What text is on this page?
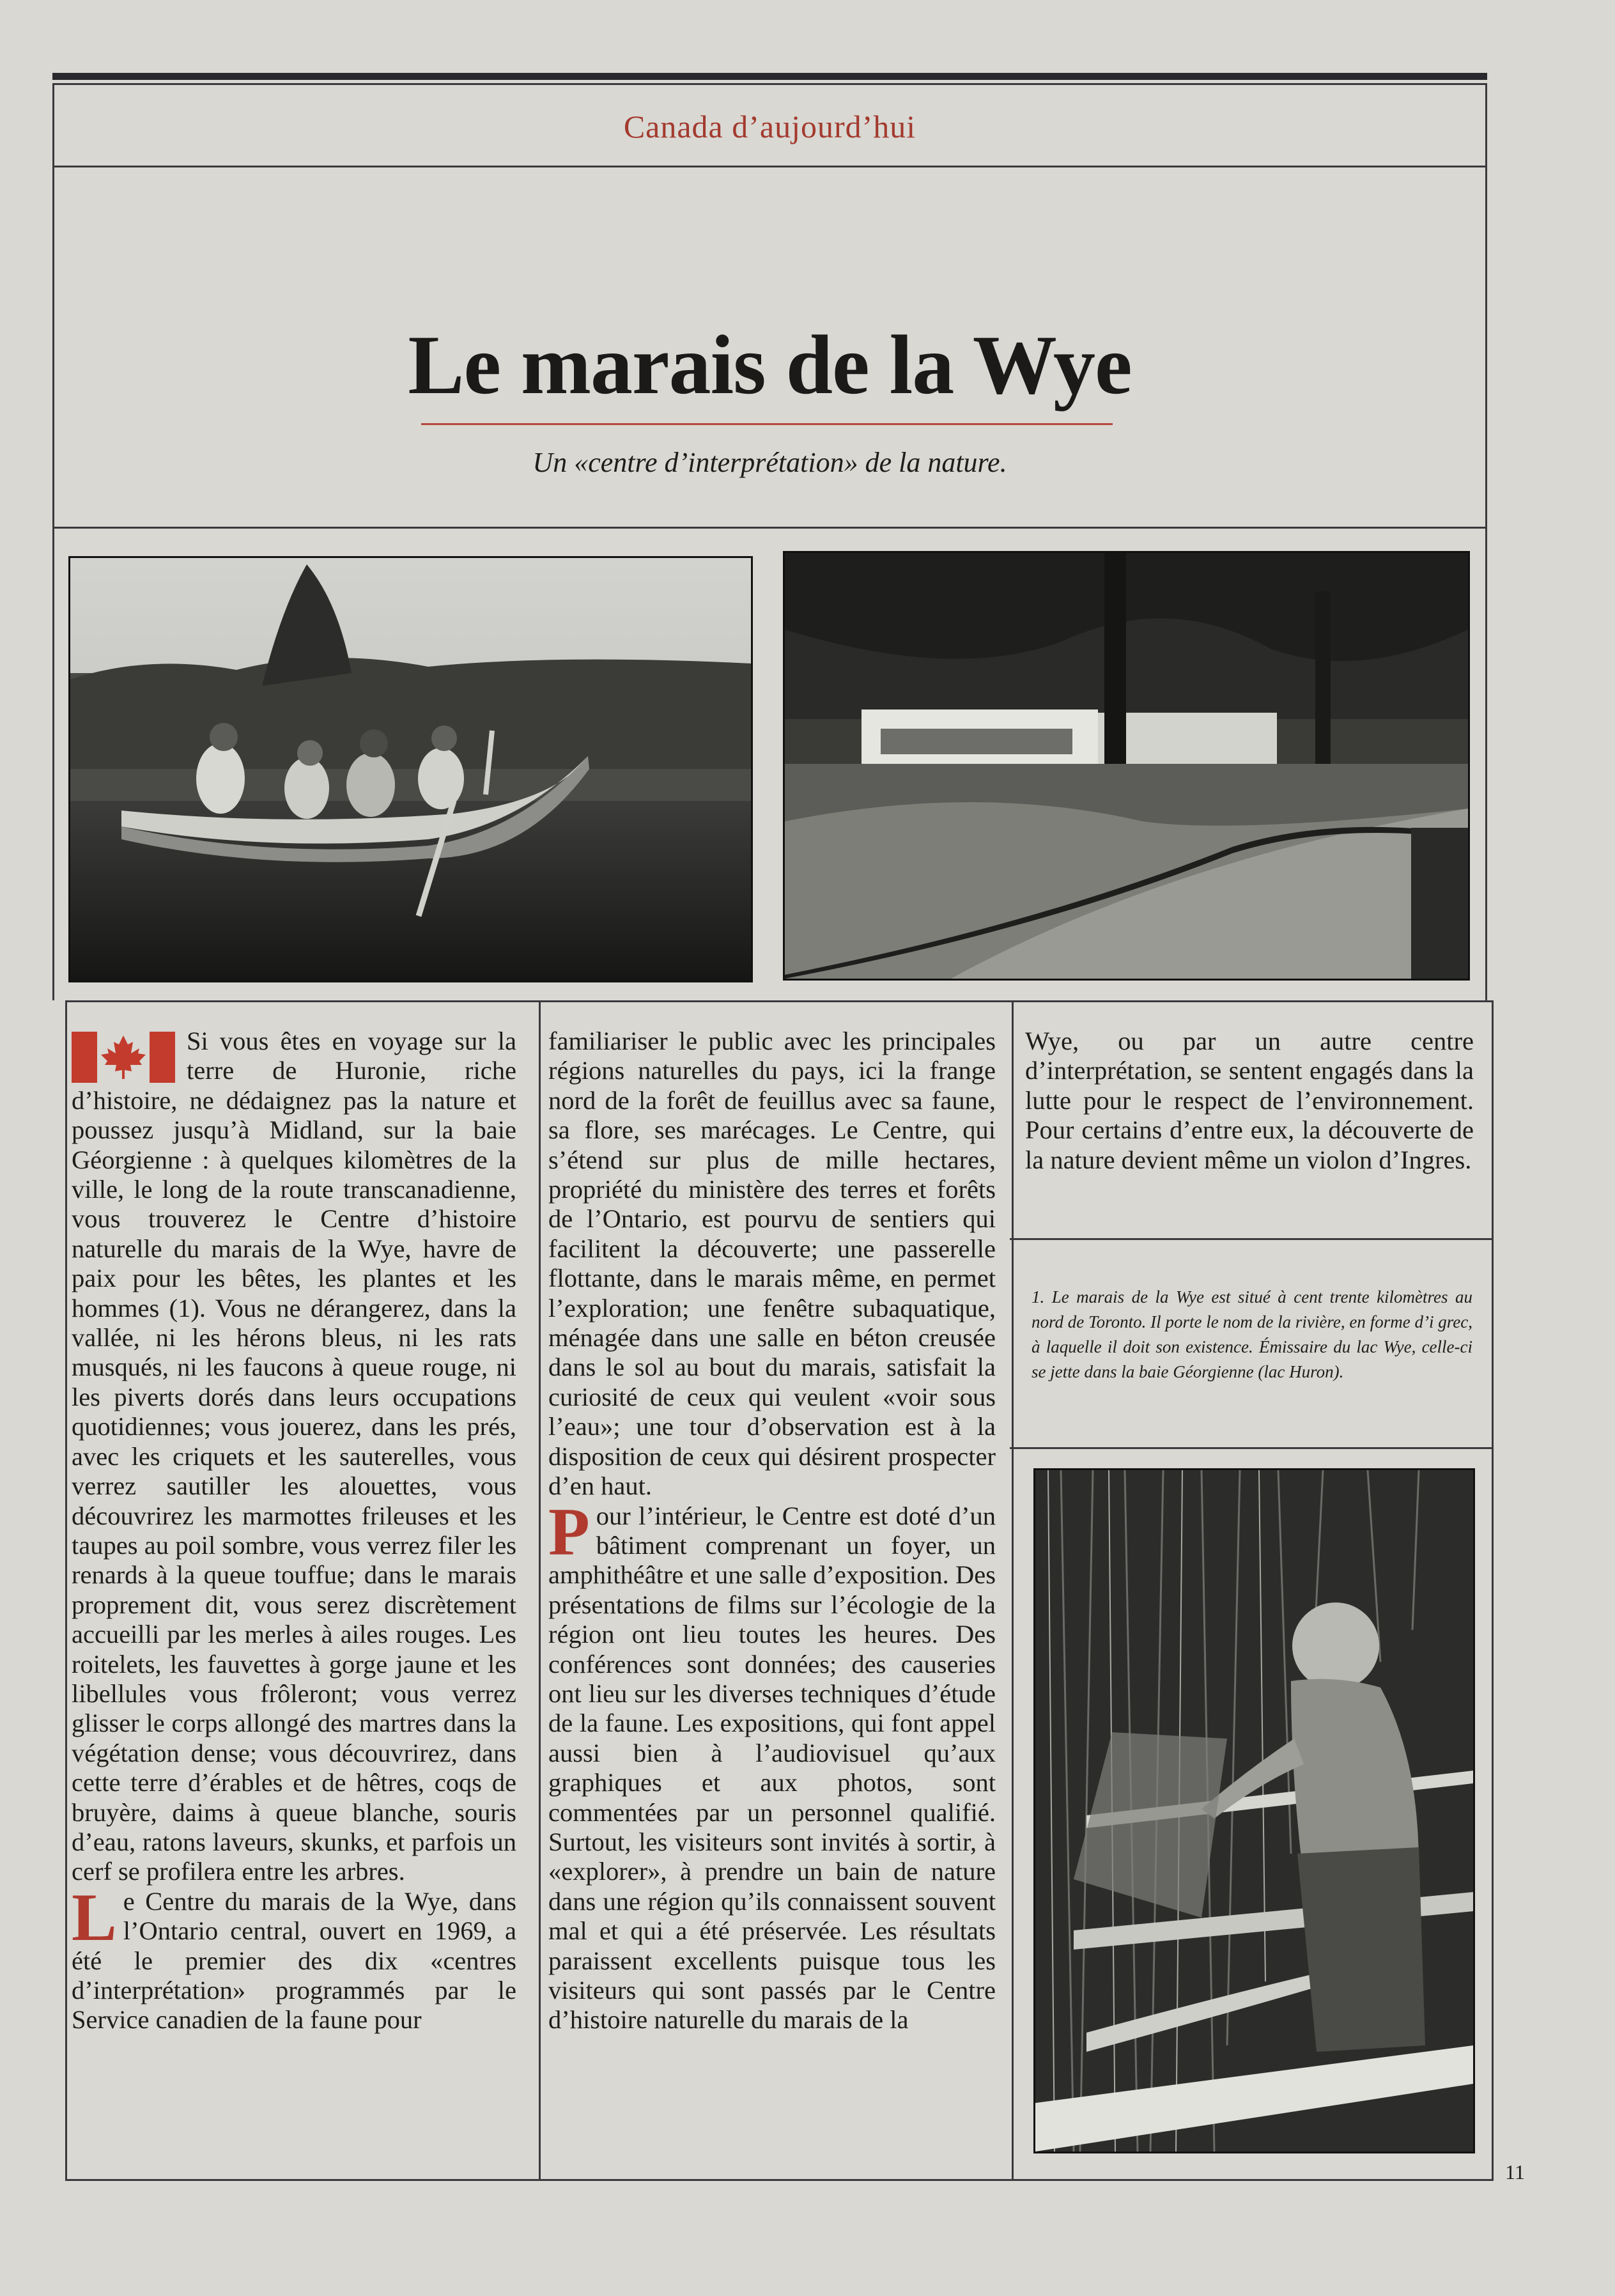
Canada d’aujourd’hui
Le marais de la Wye
Un «centre d’interprétation» de la nature.

Si vous êtes en voyage sur la terre de Huronie, riche d’histoire, ne dédaignez pas la nature et poussez jusqu’à Midland, sur la baie Géorgienne : à quelques kilomètres de la ville, le long de la route transcanadienne, vous trouverez le Centre d’histoire naturelle du marais de la Wye, havre de paix pour les bêtes, les plantes et les hommes (1). Vous ne dérangerez, dans la vallée, ni les hérons bleus, ni les rats musqués, ni les faucons à queue rouge, ni les piverts dorés dans leurs occupations quotidiennes; vous jouerez, dans les prés, avec les criquets et les sauterelles, vous verrez sautiller les alouettes, vous découvrirez les marmottes frileuses et les taupes au poil sombre, vous verrez filer les renards à la queue touffue; dans le marais proprement dit, vous serez discrètement accueilli par les merles à ailes rouges. Les roitelets, les fauvettes à gorge jaune et les libellules vous frôleront; vous verrez glisser le corps allongé des martres dans la végétation dense; vous découvrirez, dans cette terre d’érables et de hêtres, coqs de bruyère, daims à queue blanche, souris d’eau, ratons laveurs, skunks, et parfois un cerf se profilera entre les arbres.

Le Centre du marais de la Wye, dans l’Ontario central, ouvert en 1969, a été le premier des dix «centres d’interprétation» programmés par le Service canadien de la faune pour

familiariser le public avec les principales régions naturelles du pays, ici la frange nord de la forêt de feuillus avec sa faune, sa flore, ses marécages. Le Centre, qui s’étend sur plus de mille hectares, propriété du ministère des terres et forêts de l’Ontario, est pourvu de sentiers qui facilitent la découverte; une passerelle flottante, dans le marais même, en permet l’exploration; une fenêtre subaquatique, ménagée dans une salle en béton creusée dans le sol au bout du marais, satisfait la curiosité de ceux qui veulent «voir sous l’eau»; une tour d’observation est à la disposition de ceux qui désirent prospecter d’en haut.

Pour l’intérieur, le Centre est doté d’un bâtiment comprenant un foyer, un amphithéâtre et une salle d’exposition. Des présentations de films sur l’écologie de la région ont lieu toutes les heures. Des conférences sont données; des causeries ont lieu sur les diverses techniques d’étude de la faune. Les expositions, qui font appel aussi bien à l’audiovisuel qu’aux graphiques et aux photos, sont commentées par un personnel qualifié. Surtout, les visiteurs sont invités à sortir, à «explorer», à prendre un bain de nature dans une région qu’ils connaissent souvent mal et qui a été préservée. Les résultats paraissent excellents puisque tous les visiteurs qui sont passés par le Centre d’histoire naturelle du marais de la

Wye, ou par un autre centre d’interprétation, se sentent engagés dans la lutte pour le respect de l’environnement. Pour certains d’entre eux, la découverte de la nature devient même un violon d’Ingres.

1. Le marais de la Wye est situé à cent trente kilomètres au nord de Toronto. Il porte le nom de la rivière, en forme d’i grec, à laquelle il doit son existence. Émissaire du lac Wye, celle-ci se jette dans la baie Géorgienne (lac Huron).
11
